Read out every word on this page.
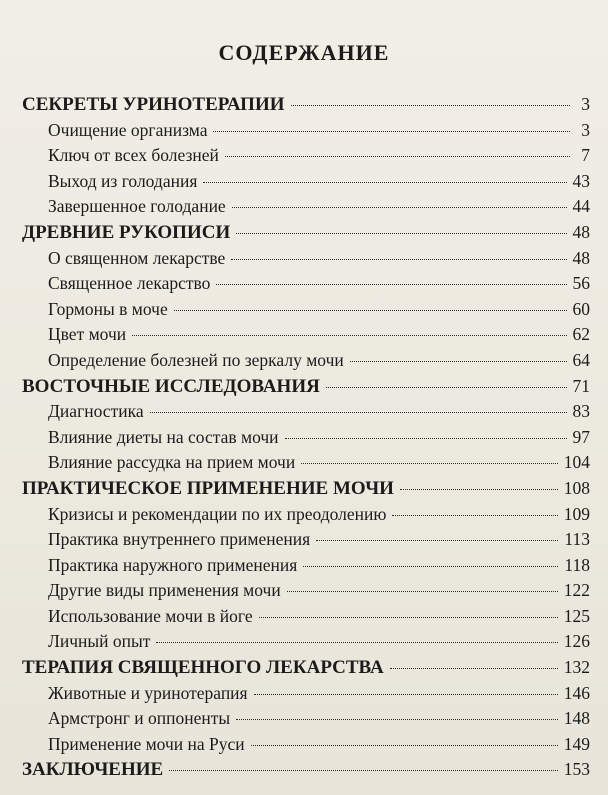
СОДЕРЖАНИЕ
СЕКРЕТЫ УРИНОТЕРАПИИ	3
Очищение организма	3
Ключ от всех болезней	7
Выход из голодания	43
Завершенное голодание	44
ДРЕВНИЕ РУКОПИСИ	48
О священном лекарстве	48
Священное лекарство	56
Гормоны в моче	60
Цвет мочи	62
Определение болезней по зеркалу мочи	64
ВОСТОЧНЫЕ ИССЛЕДОВАНИЯ	71
Диагностика	83
Влияние диеты на состав мочи	97
Влияние рассудка на прием мочи	104
ПРАКТИЧЕСКОЕ ПРИМЕНЕНИЕ МОЧИ	108
Кризисы и рекомендации по их преодолению	109
Практика внутреннего применения	113
Практика наружного применения	118
Другие виды применения мочи	122
Использование мочи в йоге	125
Личный опыт	126
ТЕРАПИЯ СВЯЩЕННОГО ЛЕКАРСТВА	132
Животные и уринотерапия	146
Армстронг и оппоненты	148
Применение мочи на Руси	149
ЗАКЛЮЧЕНИЕ	153
